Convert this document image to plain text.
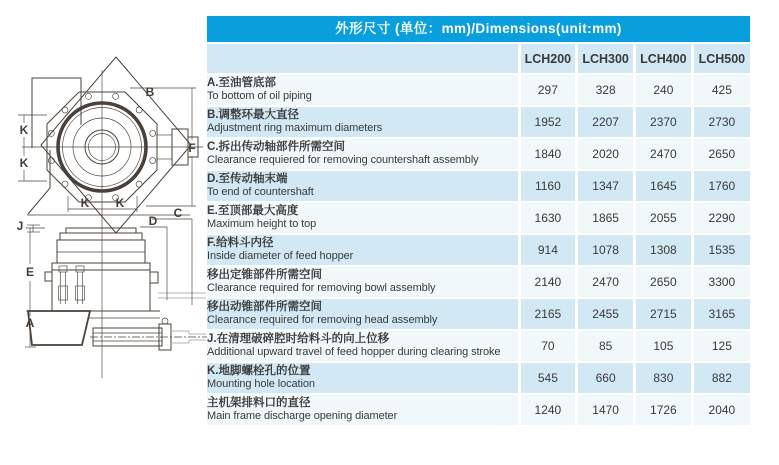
B
K
K
K K
F
C
D
J
E
A
外形尺寸 (单位：mm)/Dimensions(unit:mm)
	LCH200	LCH300	LCH400	LCH500

A.至油管底部
To bottom of oil piping	297	328	240	425

B.调整环最大直径
Adjustment ring maximum diameters	1952	2207	2370	2730

C.拆出传动轴部件所需空间
Clearance requiered for removing countershaft assembly	1840	2020	2470	2650

D.至传动轴末端
To end of countershaft	1160	1347	1645	1760

E.至顶部最大高度
Maximum height to top	1630	1865	2055	2290

F.给料斗内径
Inside diameter of feed hopper	914	1078	1308	1535

移出定锥部件所需空间
Clearance required for removing bowl assembly	2140	2470	2650	3300

移出动锥部件所需空间
Clearance required for removing head assembly	2165	2455	2715	3165

J.在清理破碎腔时给料斗的向上位移
Additional upward travel of feed hopper during clearing stroke	70	85	105	125

K.地脚螺栓孔的位置
Mounting hole location	545	660	830	882

主机架排料口的直径
Main frame discharge opening diameter	1240	1470	1726	2040
